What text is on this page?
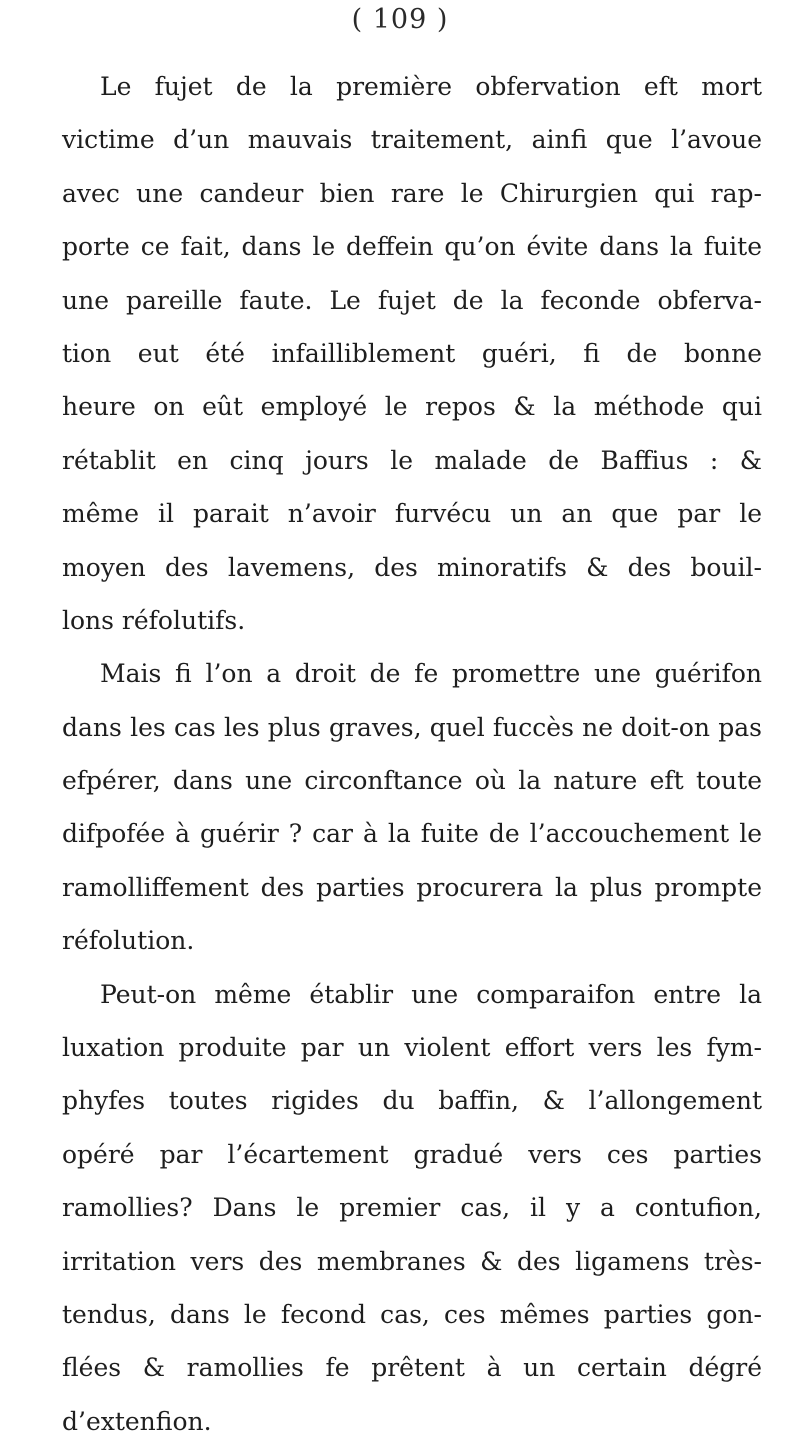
( 109 )
Le fujet de la première obfervation eft mort
victime d’un mauvais traitement, ainfi que l’avoue
avec une candeur bien rare le Chirurgien qui rap-
porte ce fait, dans le deffein qu’on évite dans la fuite
une pareille faute. Le fujet de la feconde obferva-
tion eut été infailliblement guéri, fi de bonne
heure on eût employé le repos & la méthode qui
rétablit en cinq jours le malade de Baffius : &
même il parait n’avoir furvécu un an que par le
moyen des lavemens, des minoratifs & des bouil-
lons réfolutifs.
Mais fi l’on a droit de fe promettre une guérifon
dans les cas les plus graves, quel fuccès ne doit-on pas
efpérer, dans une circonftance où la nature eft toute
difpofée à guérir ? car à la fuite de l’accouchement le
ramolliffement des parties procurera la plus prompte
réfolution.
Peut-on même établir une comparaifon entre la
luxation produite par un violent effort vers les fym-
phyfes toutes rigides du baffin, & l’allongement
opéré par l’écartement gradué vers ces parties
ramollies? Dans le premier cas, il y a contufion,
irritation vers des membranes & des ligamens très-
tendus, dans le fecond cas, ces mêmes parties gon-
flées & ramollies fe prêtent à un certain dégré
d’extenfion.
